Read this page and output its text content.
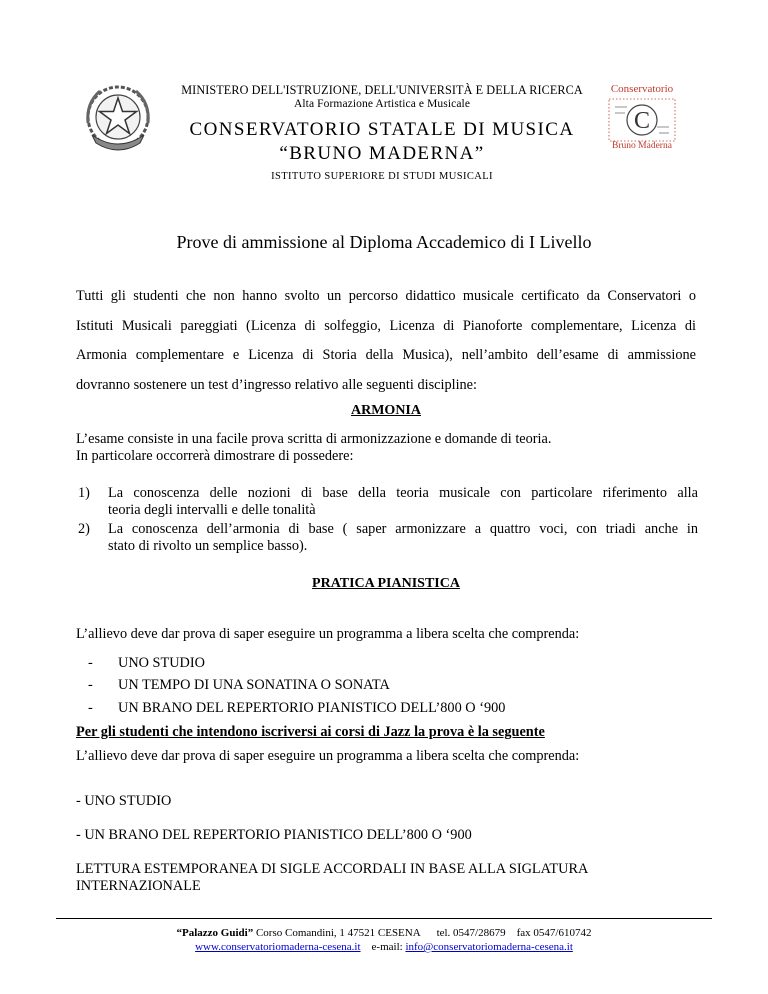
MINISTERO DELL'ISTRUZIONE, DELL'UNIVERSITÀ E DELLA RICERCA
Alta Formazione Artistica e Musicale
CONSERVATORIO STATALE DI MUSICA
“BRUNO MADERNA”
ISTITUTO SUPERIORE DI STUDI MUSICALI
Conservatorio
C
Bruno Maderna
Prove di ammissione al Diploma Accademico di I Livello

Tutti gli studenti che non hanno svolto un percorso didattico musicale certificato da Conservatori o

Istituti Musicali pareggiati (Licenza di solfeggio, Licenza di Pianoforte complementare, Licenza di

Armonia complementare e Licenza di Storia della Musica), nell’ambito dell’esame di ammissione

dovranno sostenere un test d’ingresso relativo alle seguenti discipline:

ARMONIA
L’esame consiste in una facile prova scritta di armonizzazione e domande di teoria.
In particolare occorrerà dimostrare di possedere:
1) La conoscenza delle nozioni di base della teoria musicale con particolare riferimento alla
teoria degli intervalli e delle tonalità
2) La conoscenza dell’armonia di base ( saper armonizzare a quattro voci, con triadi anche in
stato di rivolto un semplice basso).
PRATICA PIANISTICA
L’allievo deve dar prova di saper eseguire un programma a libera scelta che comprenda:
- UNO STUDIO
- UN TEMPO DI UNA SONATINA O SONATA
- UN BRANO DEL REPERTORIO PIANISTICO DELL’800 O ‘900
Per gli studenti che intendono iscriversi ai corsi di Jazz la prova è la seguente
L’allievo deve dar prova di saper eseguire un programma a libera scelta che comprenda:
- UNO STUDIO
- UN BRANO DEL REPERTORIO PIANISTICO DELL’800 O ‘900
LETTURA ESTEMPORANEA DI SIGLE ACCORDALI IN BASE ALLA SIGLATURA
INTERNAZIONALE
“Palazzo Guidi” Corso Comandini, 1 47521 CESENA tel. 0547/28679 fax 0547/610742
www.conservatoriomaderna-cesena.it e-mail: info@conservatoriomaderna-cesena.it
